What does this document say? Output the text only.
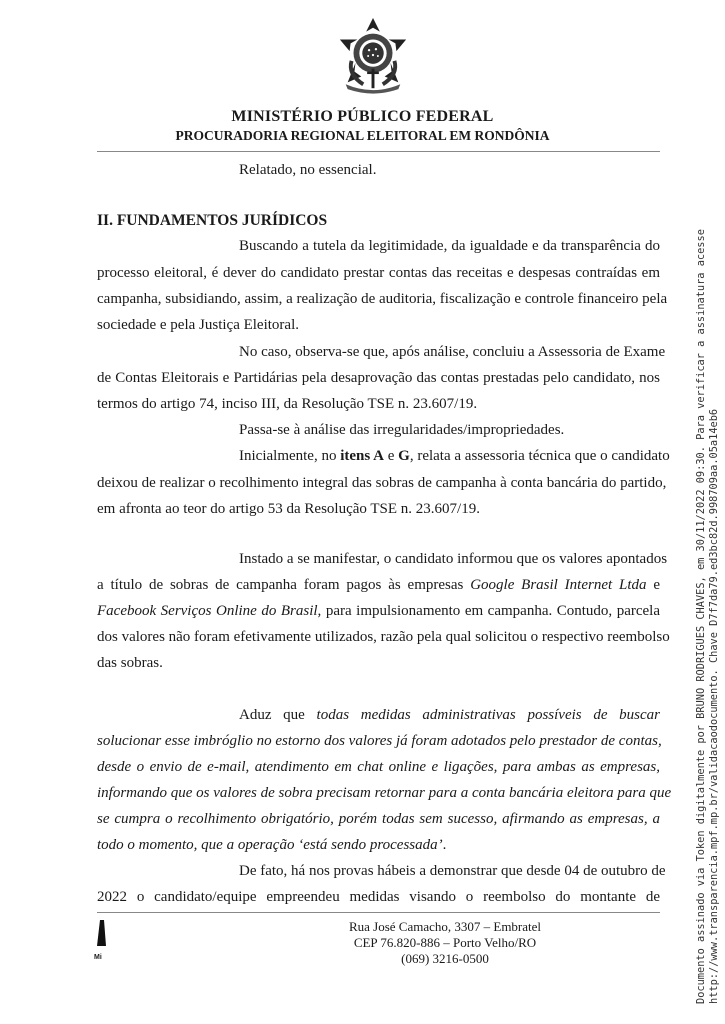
MINISTÉRIO PÚBLICO FEDERAL
PROCURADORIA REGIONAL ELEITORAL EM RONDÔNIA
Relatado, no essencial.
II. FUNDAMENTOS JURÍDICOS
Buscando a tutela da legitimidade, da igualdade e da transparência do
processo eleitoral, é dever do candidato prestar contas das receitas e despesas contraídas em
campanha, subsidiando, assim, a realização de auditoria, fiscalização e controle financeiro pela
sociedade e pela Justiça Eleitoral.
No caso, observa-se que, após análise, concluiu a Assessoria de Exame
de Contas Eleitorais e Partidárias pela desaprovação das contas prestadas pelo candidato, nos
termos do artigo 74, inciso III, da Resolução TSE n. 23.607/19.
Passa-se à análise das irregularidades/impropriedades.
Inicialmente, no itens A e G, relata a assessoria técnica que o candidato
deixou de realizar o recolhimento integral das sobras de campanha à conta bancária do partido,
em afronta ao teor do artigo 53 da Resolução TSE n. 23.607/19.
Instado a se manifestar, o candidato informou que os valores apontados
a título de sobras de campanha foram pagos às empresas Google Brasil Internet Ltda e
Facebook Serviços Online do Brasil, para impulsionamento em campanha. Contudo, parcela
dos valores não foram efetivamente utilizados, razão pela qual solicitou o respectivo reembolso
das sobras.
Aduz que todas medidas administrativas possíveis de buscar
solucionar esse imbróglio no estorno dos valores já foram adotados pelo prestador de contas,
desde o envio de e-mail, atendimento em chat online e ligações, para ambas as empresas,
informando que os valores de sobra precisam retornar para a conta bancária eleitora para que
se cumpra o recolhimento obrigatório, porém todas sem sucesso, afirmando as empresas, a
todo o momento, que a operação ‘está sendo processada’.
De fato, há nos provas hábeis a demonstrar que desde 04 de outubro de
2022 o candidato/equipe empreendeu medidas visando o reembolso do montante de
Mi
Rua José Camacho, 3307 – Embratel
CEP 76.820-886 – Porto Velho/RO
(069) 3216-0500	Documento assinado via Token digitalmente por BRUNO RODRIGUES CHAVES, em 30/11/2022 09:30. Para verificar a assinatura acesse http://www.transparencia.mpf.mp.br/validacaodocumento. Chave D7f7da79.ed3bc82d.998709aa.05a14eb6
